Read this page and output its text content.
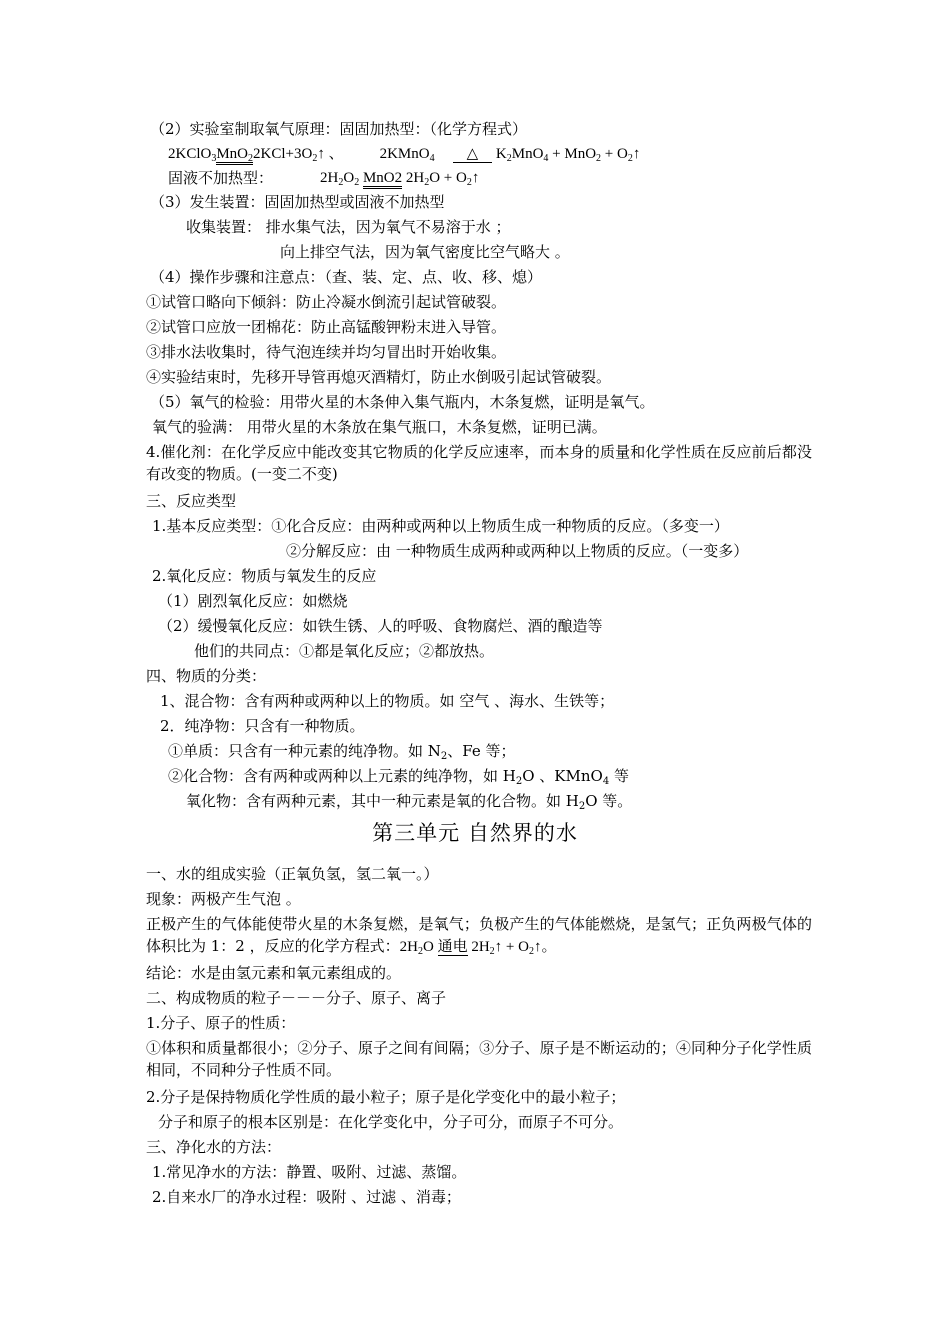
（2）实验室制取氧气原理：固固加热型：（化学方程式）
$2KClO_3MnO_22KCl+3O_2↑$ 、 2KMnO$_4$ △ $K_2MnO_4 + MnO_2$ + $O_2↑$
固液不加热型：	$2H_2O_2$ MnO2 $2H_2O$ + $O_2↑$
（3）发生装置：固固加热型或固液不加热型
收集装置： 排水集气法，因为氧气不易溶于水 ；
向上排空气法，因为氧气密度比空气略大 。
（4）操作步骤和注意点：（查、装、定、点、收、移、熄）
①试管口略向下倾斜：防止冷凝水倒流引起试管破裂。
②试管口应放一团棉花：防止高锰酸钾粉末进入导管。
③排水法收集时，待气泡连续并均匀冒出时开始收集。
④实验结束时，先移开导管再熄灭酒精灯，防止水倒吸引起试管破裂。
（5）氧气的检验：用带火星的木条伸入集气瓶内，木条复燃，证明是氧气。
氧气的验满： 用带火星的木条放在集气瓶口，木条复燃，证明已满。
4.催化剂：在化学反应中能改变其它物质的化学反应速率，而本身的质量和化学性质在反应前后都没有改变的物质。(一变二不变)
三、反应类型
1.基本反应类型：①化合反应：由两种或两种以上物质生成一种物质的反应。（多变一）
②分解反应：由 一种物质生成两种或两种以上物质的反应。（一变多）
2.氧化反应：物质与氧发生的反应
（1）剧烈氧化反应：如燃烧
（2）缓慢氧化反应：如铁生锈、人的呼吸、食物腐烂、酒的酿造等
他们的共同点：①都是氧化反应；②都放热。
四、物质的分类：
1、混合物：含有两种或两种以上的物质。如 空气 、海水、生铁等；
2．纯净物：只含有一种物质。
①单质：只含有一种元素的纯净物。如 $N_2$、Fe 等；
②化合物：含有两种或两种以上元素的纯净物，如 $H_2O$ 、KMnO$_4$ 等
氧化物：含有两种元素，其中一种元素是氧的化合物。如 $H_2O$ 等。
第三单元 自然界的水
一、水的组成实验（正氧负氢，氢二氧一。）
现象：两极产生气泡 。
正极产生的气体能使带火星的木条复燃，是氧气；负极产生的气体能燃烧，是氢气；正负两极气体的体积比为 1：2 ，反应的化学方程式：$2H_2O$ 通电 $2H_2↑$ + $O_2↑$。
结论：水是由氢元素和氧元素组成的。
二、构成物质的粒子－－－分子、原子、离子
1.分子、原子的性质：
①体积和质量都很小；②分子、原子之间有间隔；③分子、原子是不断运动的；④同种分子化学性质相同，不同种分子性质不同。
2.分子是保持物质化学性质的最小粒子；原子是化学变化中的最小粒子；
分子和原子的根本区别是：在化学变化中，分子可分，而原子不可分。
三、净化水的方法：
1.常见净水的方法：静置、吸附、过滤、蒸馏。
2.自来水厂的净水过程：吸附 、过滤 、消毒；
